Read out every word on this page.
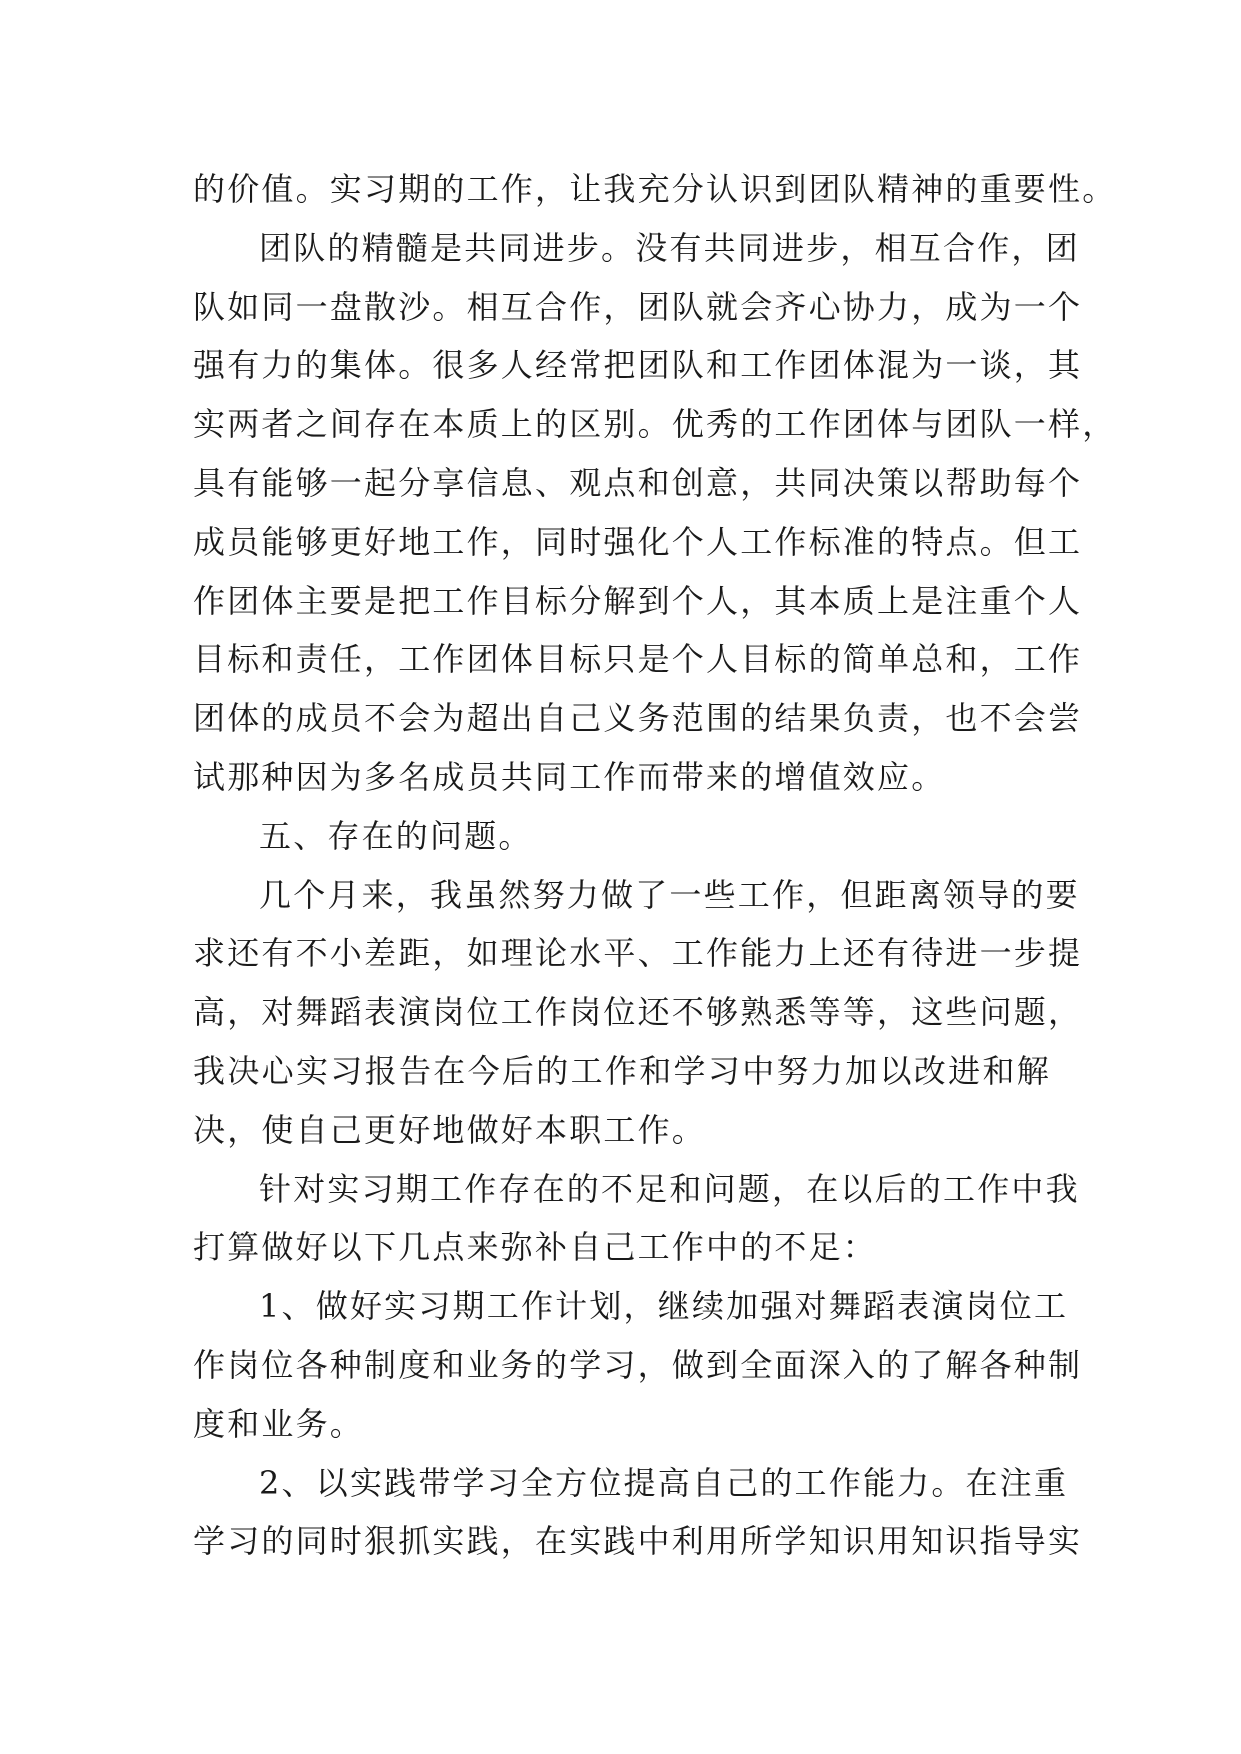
的价值。实习期的工作，让我充分认识到团队精神的重要性。
团队的精髓是共同进步。没有共同进步，相互合作，团
队如同一盘散沙。相互合作，团队就会齐心协力，成为一个
强有力的集体。很多人经常把团队和工作团体混为一谈，其
实两者之间存在本质上的区别。优秀的工作团体与团队一样，
具有能够一起分享信息、观点和创意，共同决策以帮助每个
成员能够更好地工作，同时强化个人工作标准的特点。但工
作团体主要是把工作目标分解到个人，其本质上是注重个人
目标和责任，工作团体目标只是个人目标的简单总和，工作
团体的成员不会为超出自己义务范围的结果负责，也不会尝
试那种因为多名成员共同工作而带来的增值效应。
五、存在的问题。
几个月来，我虽然努力做了一些工作，但距离领导的要
求还有不小差距，如理论水平、工作能力上还有待进一步提
高，对舞蹈表演岗位工作岗位还不够熟悉等等，这些问题，
我决心实习报告在今后的工作和学习中努力加以改进和解
决，使自己更好地做好本职工作。
针对实习期工作存在的不足和问题，在以后的工作中我
打算做好以下几点来弥补自己工作中的不足：
1、做好实习期工作计划，继续加强对舞蹈表演岗位工
作岗位各种制度和业务的学习，做到全面深入的了解各种制
度和业务。
2、以实践带学习全方位提高自己的工作能力。在注重
学习的同时狠抓实践，在实践中利用所学知识用知识指导实
